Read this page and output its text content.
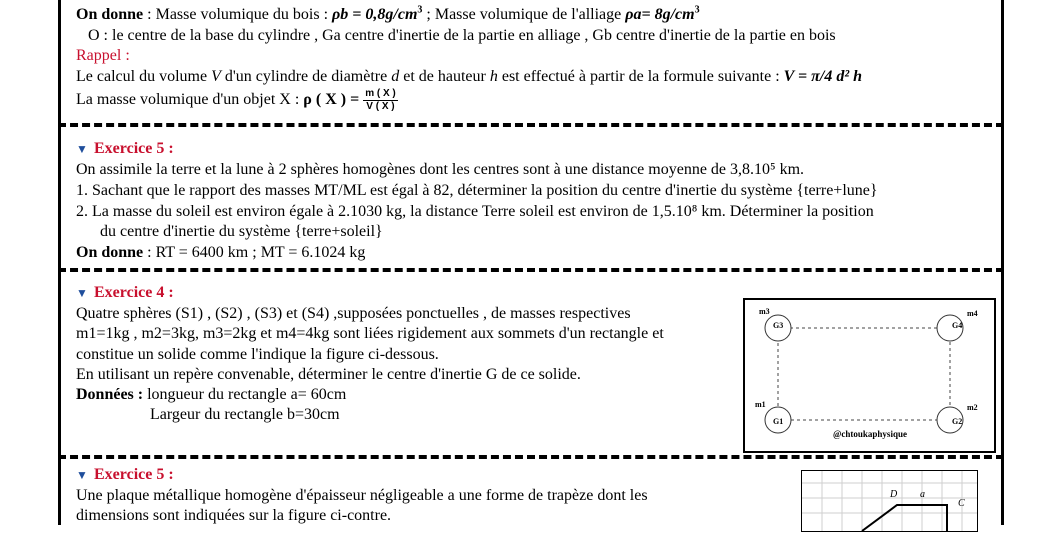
On donne : Masse volumique du bois : $\rho b = 0,8g/cm^3$ ; Masse volumique de l'alliage $\rho a= 8g/cm^3$
O : le centre de la base du cylindre , Ga centre d'inertie de la partie en alliage , Gb centre d'inertie de la partie en bois
Rappel :
Le calcul du volume V d'un cylindre de diamètre d et de hauteur h est effectué à partir de la formule suivante : V = π/4 d² h
La masse volumique d'un objet X : ρ ( X ) = $\frac{m ( X )}{V ( X )}$
▼ Exercice 5 :
On assimile la terre et la lune à 2 sphères homogènes dont les centres sont à une distance moyenne de 3,8.10⁵ km.
1. Sachant que le rapport des masses MT/ML est égal à 82, déterminer la position du centre d'inertie du système {terre+lune}
2. La masse du soleil est environ égale à 2.1030 kg, la distance Terre soleil est environ de 1,5.10⁸ km. Déterminer la position
du centre d'inertie du système {terre+soleil}
On donne : RT = 6400 km ; MT = 6.1024 kg
▼ Exercice 4 :
Quatre sphères (S1) , (S2) , (S3) et (S4) ,supposées ponctuelles , de masses respectives
m1=1kg , m2=3kg, m3=2kg et m4=4kg sont liées rigidement aux sommets d'un rectangle et
constitue un solide comme l'indique la figure ci-dessous.
En utilisant un repère convenable, déterminer le centre d'inertie G de ce solide.
Données : longueur du rectangle a= 60cm
Largeur du rectangle b=30cm
m3	m4
m1	m2
G3	G4
G1	G2
@chtoukaphysique
▼ Exercice 5 :
Une plaque métallique homogène d'épaisseur négligeable a une forme de trapèze dont les
dimensions sont indiquées sur la figure ci-contre.
D a
C
